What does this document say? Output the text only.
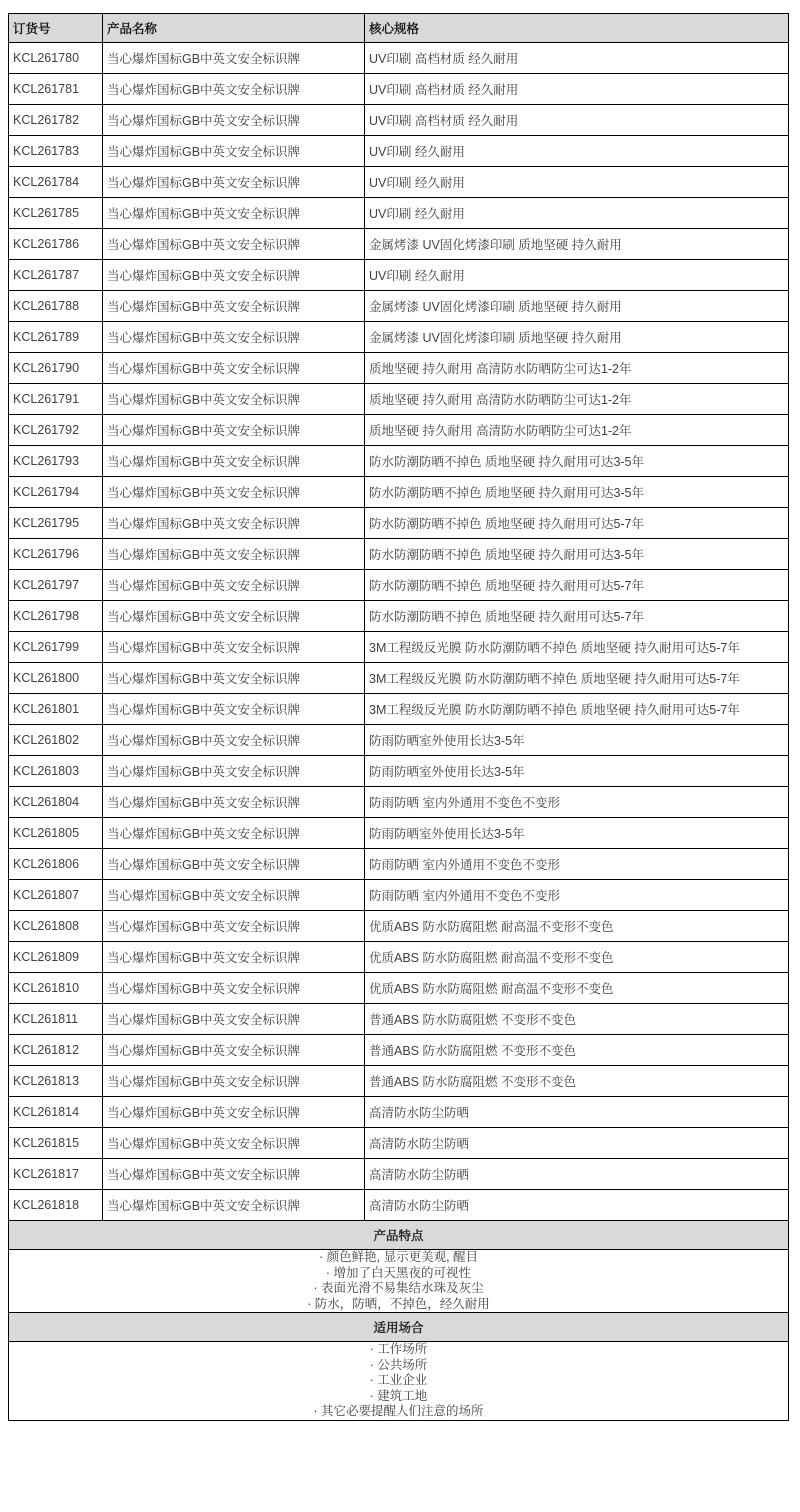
订货号	产品名称	核心规格
KCL261780	当心爆炸国标GB中英文安全标识牌	UV印刷 高档材质 经久耐用
KCL261781	当心爆炸国标GB中英文安全标识牌	UV印刷 高档材质 经久耐用
KCL261782	当心爆炸国标GB中英文安全标识牌	UV印刷 高档材质 经久耐用
KCL261783	当心爆炸国标GB中英文安全标识牌	UV印刷 经久耐用
KCL261784	当心爆炸国标GB中英文安全标识牌	UV印刷 经久耐用
KCL261785	当心爆炸国标GB中英文安全标识牌	UV印刷 经久耐用
KCL261786	当心爆炸国标GB中英文安全标识牌	金属烤漆 UV固化烤漆印刷 质地坚硬 持久耐用
KCL261787	当心爆炸国标GB中英文安全标识牌	UV印刷 经久耐用
KCL261788	当心爆炸国标GB中英文安全标识牌	金属烤漆 UV固化烤漆印刷 质地坚硬 持久耐用
KCL261789	当心爆炸国标GB中英文安全标识牌	金属烤漆 UV固化烤漆印刷 质地坚硬 持久耐用
KCL261790	当心爆炸国标GB中英文安全标识牌	质地坚硬 持久耐用 高清防水防晒防尘可达1-2年
KCL261791	当心爆炸国标GB中英文安全标识牌	质地坚硬 持久耐用 高清防水防晒防尘可达1-2年
KCL261792	当心爆炸国标GB中英文安全标识牌	质地坚硬 持久耐用 高清防水防晒防尘可达1-2年
KCL261793	当心爆炸国标GB中英文安全标识牌	防水防潮防晒不掉色 质地坚硬 持久耐用可达3-5年
KCL261794	当心爆炸国标GB中英文安全标识牌	防水防潮防晒不掉色 质地坚硬 持久耐用可达3-5年
KCL261795	当心爆炸国标GB中英文安全标识牌	防水防潮防晒不掉色 质地坚硬 持久耐用可达5-7年
KCL261796	当心爆炸国标GB中英文安全标识牌	防水防潮防晒不掉色 质地坚硬 持久耐用可达3-5年
KCL261797	当心爆炸国标GB中英文安全标识牌	防水防潮防晒不掉色 质地坚硬 持久耐用可达5-7年
KCL261798	当心爆炸国标GB中英文安全标识牌	防水防潮防晒不掉色 质地坚硬 持久耐用可达5-7年
KCL261799	当心爆炸国标GB中英文安全标识牌	3M工程级反光膜 防水防潮防晒不掉色 质地坚硬 持久耐用可达5-7年
KCL261800	当心爆炸国标GB中英文安全标识牌	3M工程级反光膜 防水防潮防晒不掉色 质地坚硬 持久耐用可达5-7年
KCL261801	当心爆炸国标GB中英文安全标识牌	3M工程级反光膜 防水防潮防晒不掉色 质地坚硬 持久耐用可达5-7年
KCL261802	当心爆炸国标GB中英文安全标识牌	防雨防晒室外使用长达3-5年
KCL261803	当心爆炸国标GB中英文安全标识牌	防雨防晒室外使用长达3-5年
KCL261804	当心爆炸国标GB中英文安全标识牌	防雨防晒 室内外通用不变色不变形
KCL261805	当心爆炸国标GB中英文安全标识牌	防雨防晒室外使用长达3-5年
KCL261806	当心爆炸国标GB中英文安全标识牌	防雨防晒 室内外通用不变色不变形
KCL261807	当心爆炸国标GB中英文安全标识牌	防雨防晒 室内外通用不变色不变形
KCL261808	当心爆炸国标GB中英文安全标识牌	优质ABS 防水防腐阻燃 耐高温不变形不变色
KCL261809	当心爆炸国标GB中英文安全标识牌	优质ABS 防水防腐阻燃 耐高温不变形不变色
KCL261810	当心爆炸国标GB中英文安全标识牌	优质ABS 防水防腐阻燃 耐高温不变形不变色
KCL261811	当心爆炸国标GB中英文安全标识牌	普通ABS 防水防腐阻燃 不变形不变色
KCL261812	当心爆炸国标GB中英文安全标识牌	普通ABS 防水防腐阻燃 不变形不变色
KCL261813	当心爆炸国标GB中英文安全标识牌	普通ABS 防水防腐阻燃 不变形不变色
KCL261814	当心爆炸国标GB中英文安全标识牌	高清防水防尘防晒
KCL261815	当心爆炸国标GB中英文安全标识牌	高清防水防尘防晒
KCL261817	当心爆炸国标GB中英文安全标识牌	高清防水防尘防晒
KCL261818	当心爆炸国标GB中英文安全标识牌	高清防水防尘防晒
产品特点		

· 颜色鲜艳, 显示更美观, 醒目
· 增加了白天黑夜的可视性
· 表面光滑不易集结水珠及灰尘
· 防水，防晒，不掉色，经久耐用		

适用场合		

· 工作场所
· 公共场所
· 工业企业
· 建筑工地
· 其它必要提醒人们注意的场所		
